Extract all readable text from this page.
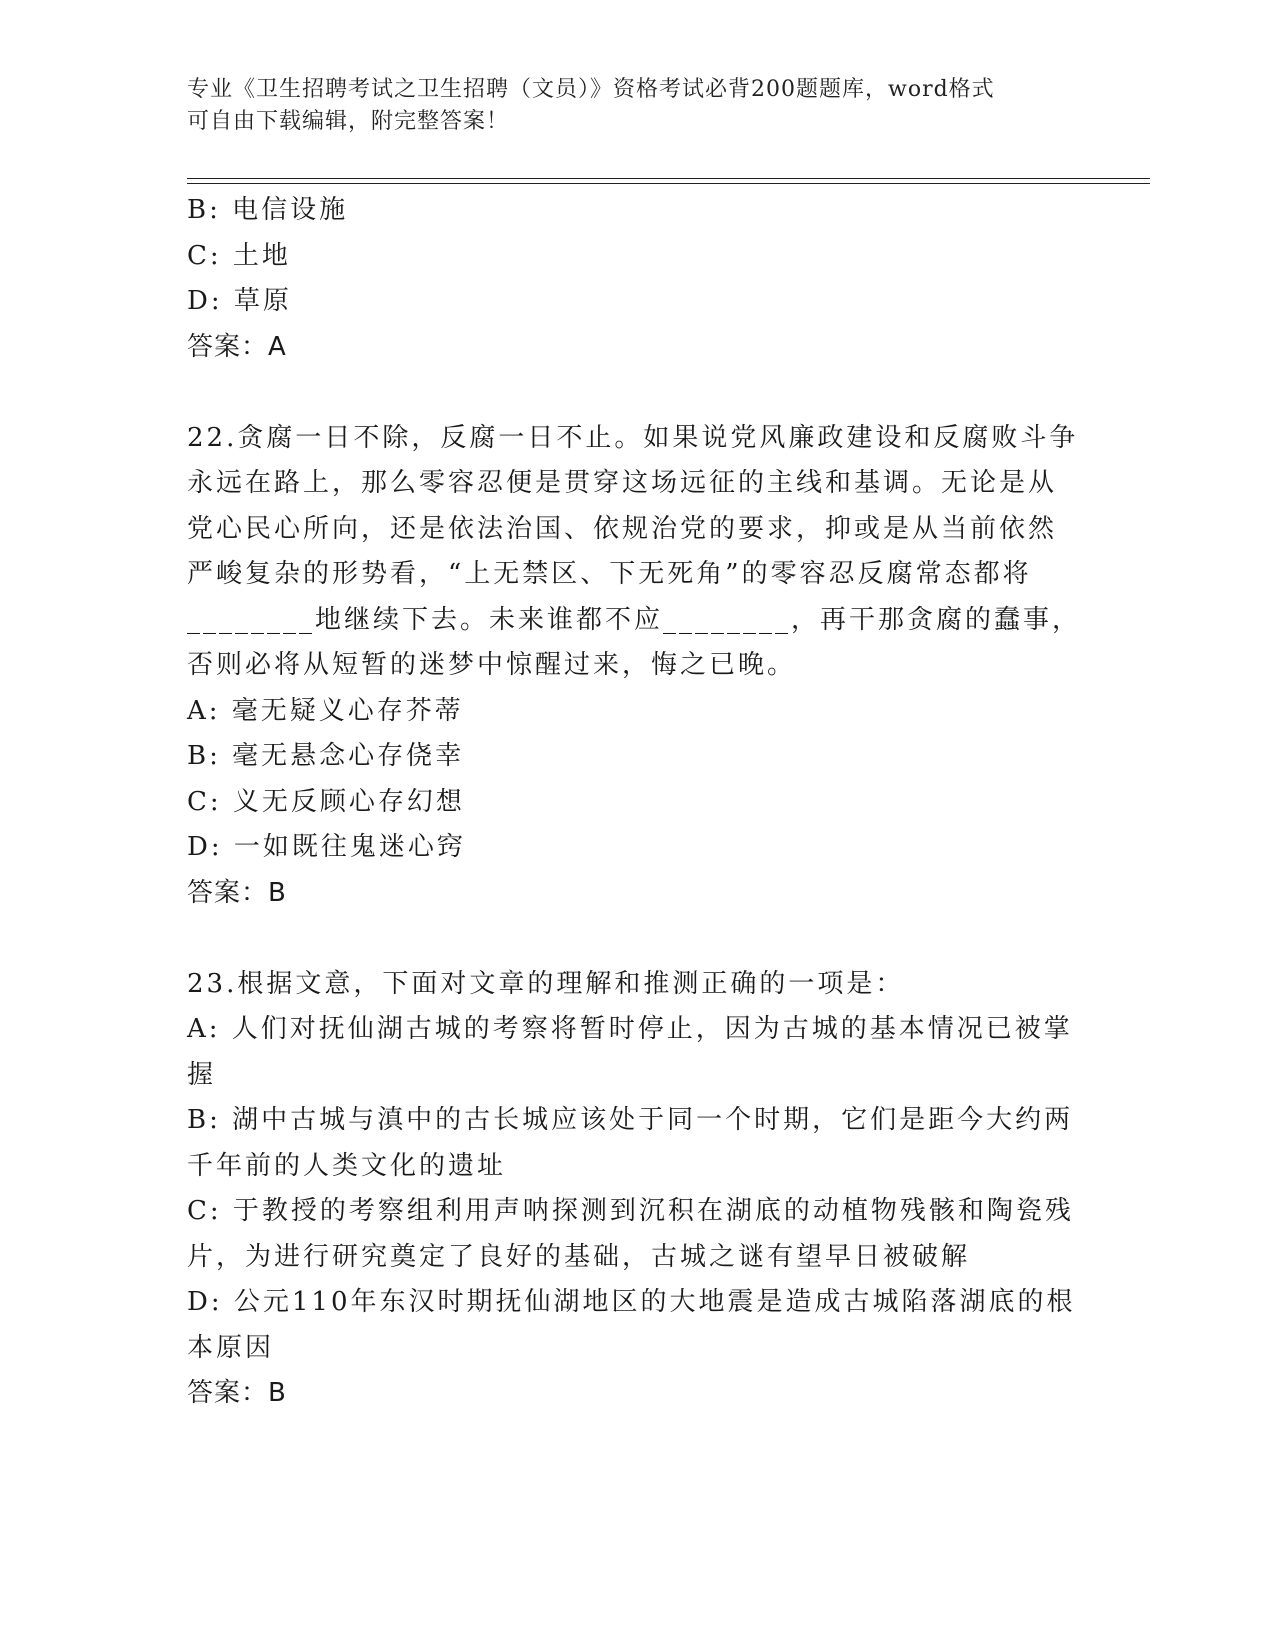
专业《卫生招聘考试之卫生招聘（文员）》资格考试必背200题题库，word格式
可自由下载编辑，附完整答案！
B: 电信设施
C: 土地
D: 草原
答案：A
22.贪腐一日不除，反腐一日不止。如果说党风廉政建设和反腐败斗争
永远在路上，那么零容忍便是贯穿这场远征的主线和基调。无论是从
党心民心所向，还是依法治国、依规治党的要求，抑或是从当前依然
严峻复杂的形势看，“上无禁区、下无死角”的零容忍反腐常态都将
________地继续下去。未来谁都不应________，再干那贪腐的蠢事，
否则必将从短暂的迷梦中惊醒过来，悔之已晚。
A: 毫无疑义心存芥蒂
B: 毫无悬念心存侥幸
C: 义无反顾心存幻想
D: 一如既往鬼迷心窍
答案：B
23.根据文意，下面对文章的理解和推测正确的一项是：
A: 人们对抚仙湖古城的考察将暂时停止，因为古城的基本情况已被掌
握
B: 湖中古城与滇中的古长城应该处于同一个时期，它们是距今大约两
千年前的人类文化的遗址
C: 于教授的考察组利用声呐探测到沉积在湖底的动植物残骸和陶瓷残
片，为进行研究奠定了良好的基础，古城之谜有望早日被破解
D: 公元110年东汉时期抚仙湖地区的大地震是造成古城陷落湖底的根
本原因
答案：B
